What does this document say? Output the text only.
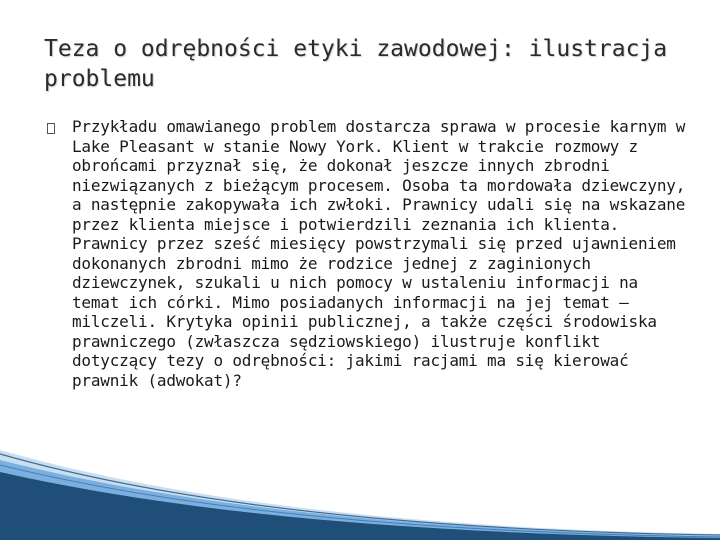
Teza o odrębności etyki zawodowej: ilustracja problemu

Przykładu omawianego problem dostarcza sprawa w procesie karnym w Lake Pleasant w stanie Nowy York. Klient w trakcie rozmowy z obrońcami przyznał się, że dokonał jeszcze innych zbrodni niezwiązanych z bieżącym procesem. Osoba ta mordowała dziewczyny, a następnie zakopywała ich zwłoki. Prawnicy udali się na wskazane przez klienta miejsce i potwierdzili zeznania ich klienta. Prawnicy przez sześć miesięcy powstrzymali się przed ujawnieniem dokonanych zbrodni mimo że rodzice jednej z zaginionych dziewczynek, szukali u nich pomocy w ustaleniu informacji na temat ich córki. Mimo posiadanych informacji na jej temat – milczeli. Krytyka opinii publicznej, a także części środowiska prawniczego (zwłaszcza sędziowskiego) ilustruje konflikt dotyczący tezy o odrębności: jakimi racjami ma się kierować prawnik (adwokat)?
